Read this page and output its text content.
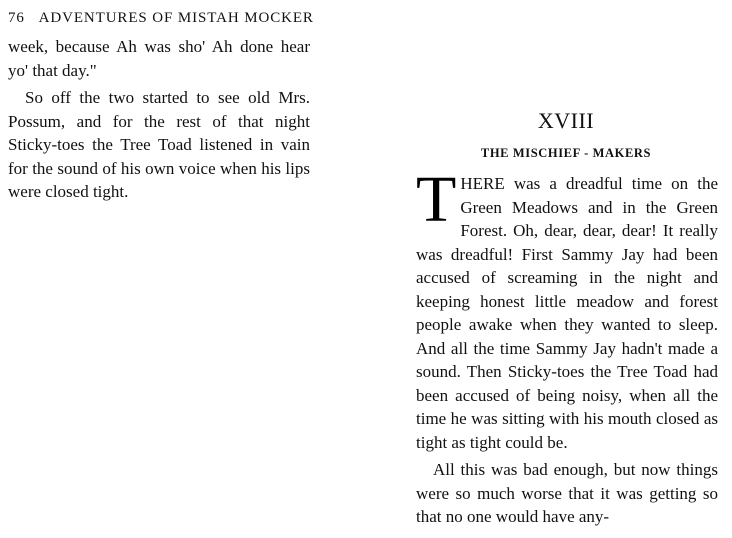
76 ADVENTURES OF MISTAH MOCKER

week, because Ah was sho' Ah done hear yo' that day."

So off the two started to see old Mrs. Possum, and for the rest of that night Sticky-toes the Tree Toad listened in vain for the sound of his own voice when his lips were closed tight.

XVIII
THE MISCHIEF - MAKERS

THERE was a dreadful time on the Green Meadows and in the Green Forest. Oh, dear, dear, dear! It really was dreadful! First Sammy Jay had been accused of screaming in the night and keeping honest little meadow and forest people awake when they wanted to sleep. And all the time Sammy Jay hadn't made a sound. Then Sticky-toes the Tree Toad had been accused of being noisy, when all the time he was sitting with his mouth closed as tight as tight could be.

All this was bad enough, but now things were so much worse that it was getting so that no one would have any-
